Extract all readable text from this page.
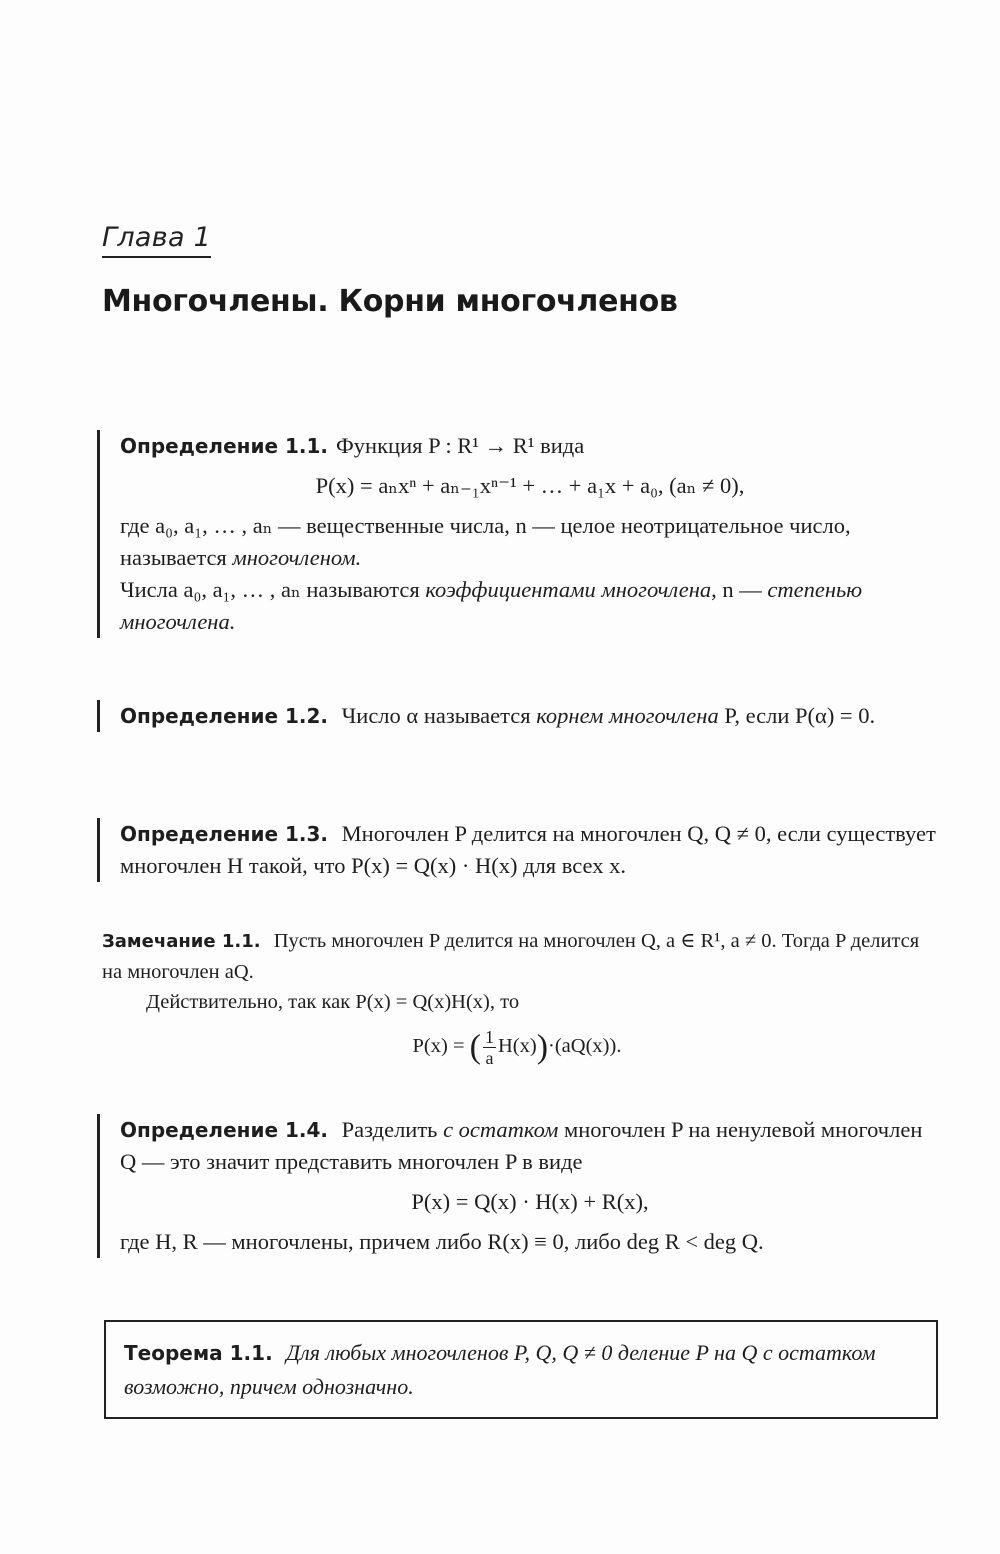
Глава 1
Многочлены. Корни многочленов
Определение 1.1. Функция P : R¹ → R¹ вида
P(x) = aₙxⁿ + aₙ₋₁xⁿ⁻¹ + … + a₁x + a₀, (aₙ ≠ 0),
где a₀, a₁, … , aₙ — вещественные числа, n — целое неотрицательное число, называется многочленом.
Числа a₀, a₁, … , aₙ называются коэффициентами многочлена, n — степенью многочлена.
Определение 1.2. Число α называется корнем многочлена P, если P(α) = 0.
Определение 1.3. Многочлен P делится на многочлен Q, Q ≠ 0, если существует многочлен H такой, что P(x) = Q(x) · H(x) для всех x.
Замечание 1.1. Пусть многочлен P делится на многочлен Q, a ∈ R¹, a ≠ 0. Тогда P делится на многочлен aQ.
Действительно, так как P(x) = Q(x)H(x), то
P(x) = ( $\frac{1}{a} H(x))\cdot(aQ(x))$.
Определение 1.4. Разделить с остатком многочлен P на ненулевой многочлен Q — это значит представить многочлен P в виде
P(x) = Q(x) · H(x) + R(x),
где H, R — многочлены, причем либо R(x) ≡ 0, либо deg R < deg Q.
Теорема 1.1. Для любых многочленов P, Q, Q ≠ 0 деление P на Q с остатком возможно, причем однозначно.
